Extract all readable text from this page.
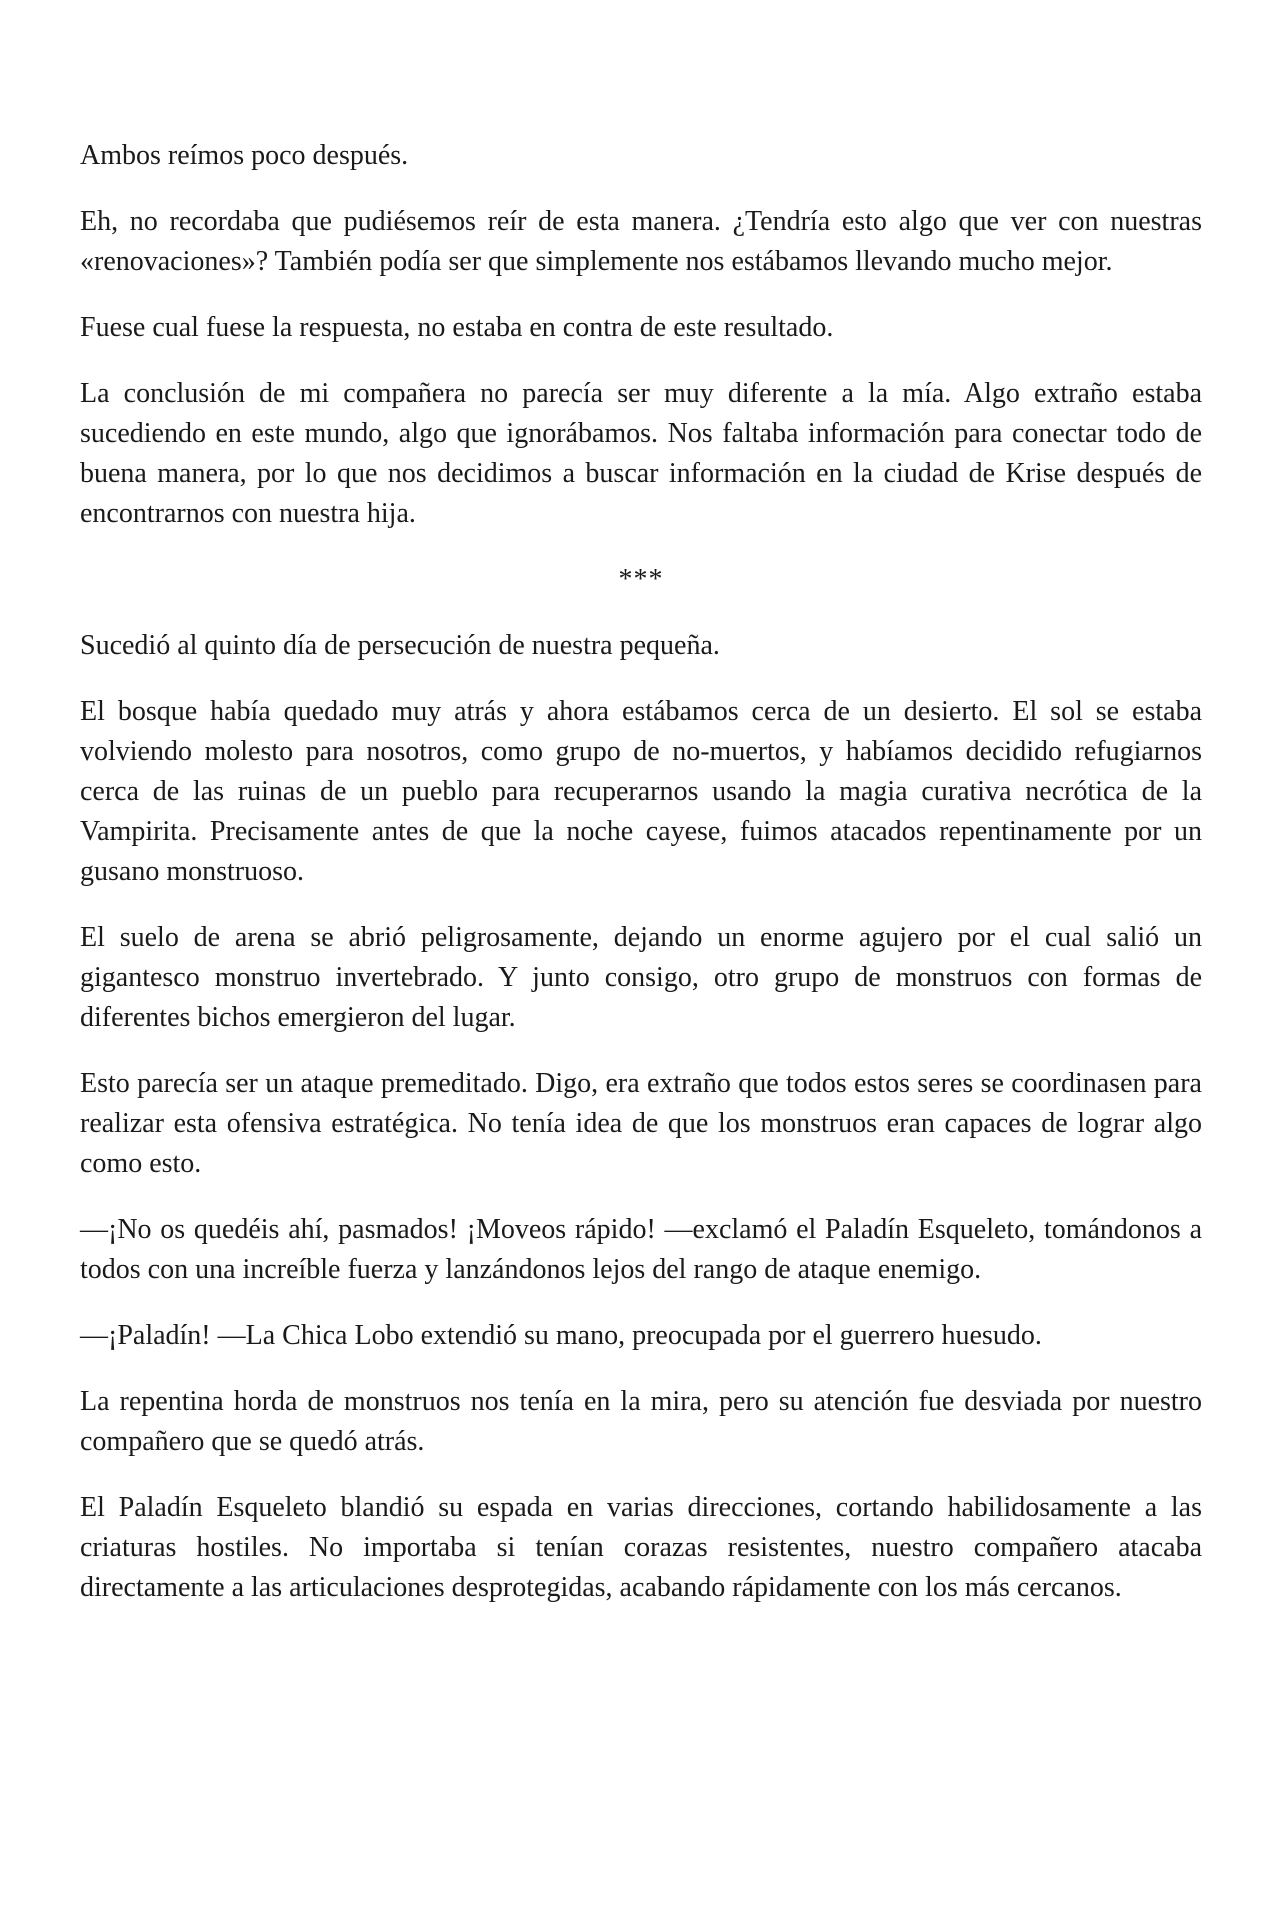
Ambos reímos poco después.

Eh, no recordaba que pudiésemos reír de esta manera. ¿Tendría esto algo que ver con nuestras «renovaciones»? También podía ser que simplemente nos estábamos llevando mucho mejor.

Fuese cual fuese la respuesta, no estaba en contra de este resultado.

La conclusión de mi compañera no parecía ser muy diferente a la mía. Algo extraño estaba sucediendo en este mundo, algo que ignorábamos. Nos faltaba información para conectar todo de buena manera, por lo que nos decidimos a buscar información en la ciudad de Krise después de encontrarnos con nuestra hija.

***

Sucedió al quinto día de persecución de nuestra pequeña.

El bosque había quedado muy atrás y ahora estábamos cerca de un desierto. El sol se estaba volviendo molesto para nosotros, como grupo de no-muertos, y habíamos decidido refugiarnos cerca de las ruinas de un pueblo para recuperarnos usando la magia curativa necrótica de la Vampirita. Precisamente antes de que la noche cayese, fuimos atacados repentinamente por un gusano monstruoso.

El suelo de arena se abrió peligrosamente, dejando un enorme agujero por el cual salió un gigantesco monstruo invertebrado. Y junto consigo, otro grupo de monstruos con formas de diferentes bichos emergieron del lugar.

Esto parecía ser un ataque premeditado. Digo, era extraño que todos estos seres se coordinasen para realizar esta ofensiva estratégica. No tenía idea de que los monstruos eran capaces de lograr algo como esto.

—¡No os quedéis ahí, pasmados! ¡Moveos rápido! —exclamó el Paladín Esqueleto, tomándonos a todos con una increíble fuerza y lanzándonos lejos del rango de ataque enemigo.

—¡Paladín! —La Chica Lobo extendió su mano, preocupada por el guerrero huesudo.

La repentina horda de monstruos nos tenía en la mira, pero su atención fue desviada por nuestro compañero que se quedó atrás.

El Paladín Esqueleto blandió su espada en varias direcciones, cortando habilidosamente a las criaturas hostiles. No importaba si tenían corazas resistentes, nuestro compañero atacaba directamente a las articulaciones desprotegidas, acabando rápidamente con los más cercanos.
